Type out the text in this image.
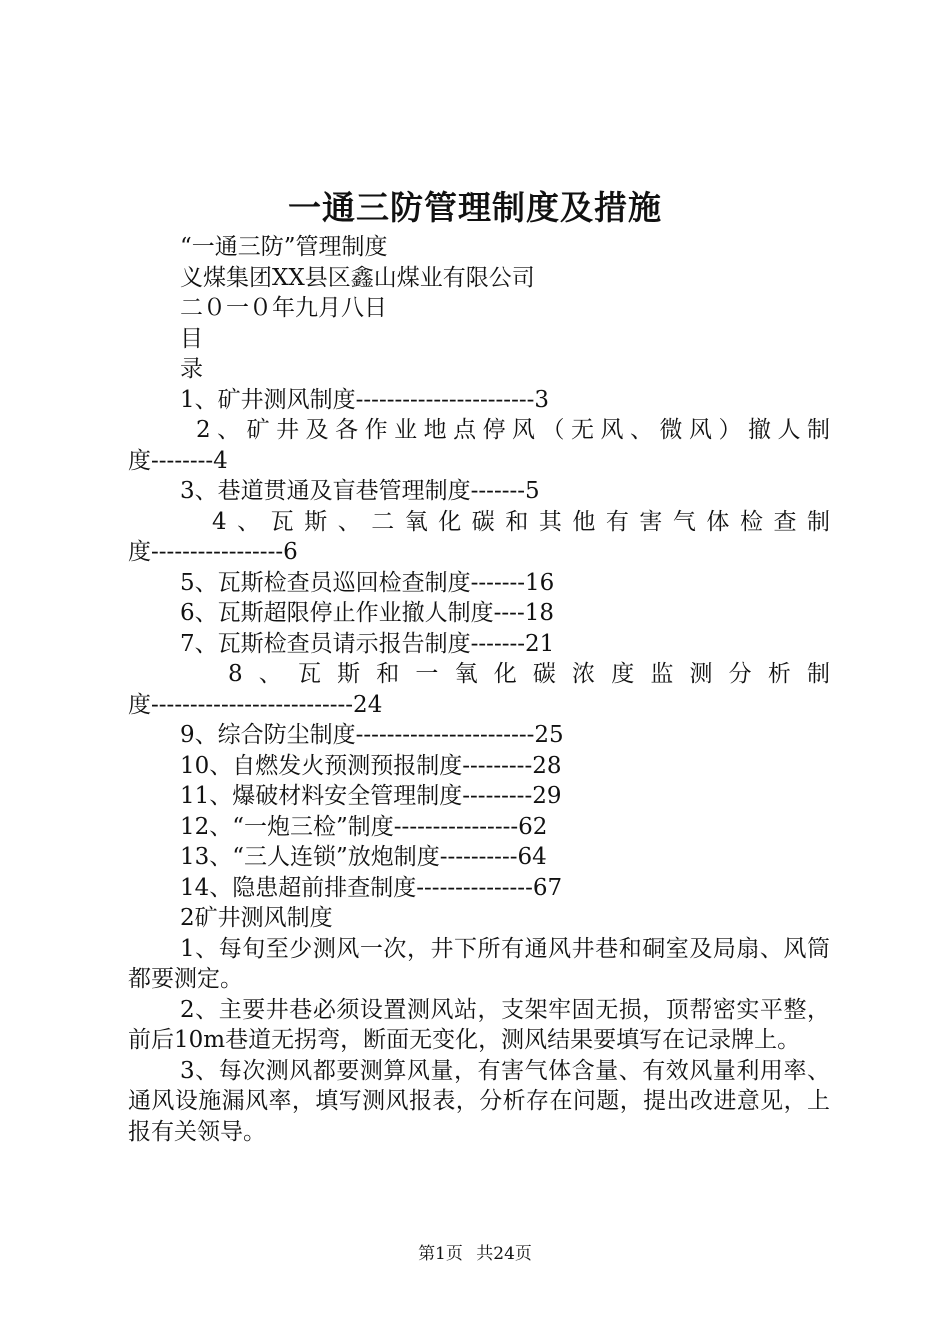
一通三防管理制度及措施
“一通三防”管理制度
义煤集团XX县区鑫山煤业有限公司
二０一０年九月八日
目
录
1、矿井测风制度-----------------------3
2、矿井及各作业地点停风（无风、微风）撤人制
度--------4
3、巷道贯通及盲巷管理制度-------5
4、瓦斯、二氧化碳和其他有害气体检查制
度-----------------6
5、瓦斯检查员巡回检查制度-------16
6、瓦斯超限停止作业撤人制度----18
7、瓦斯检查员请示报告制度-------21
8、瓦斯和一氧化碳浓度监测分析制
度--------------------------24
9、综合防尘制度-----------------------25
10、自燃发火预测预报制度---------28
11、爆破材料安全管理制度---------29
12、“一炮三检”制度----------------62
13、“三人连锁”放炮制度----------64
14、隐患超前排查制度---------------67
2矿井测风制度
1、每旬至少测风一次，井下所有通风井巷和硐室及局扇、风筒都要测定。
2、主要井巷必须设置测风站，支架牢固无损，顶帮密实平整，前后10m巷道无拐弯，断面无变化，测风结果要填写在记录牌上。
3、每次测风都要测算风量，有害气体含量、有效风量利用率、通风设施漏风率，填写测风报表，分析存在问题，提出改进意见，上报有关领导。
第1页 共24页
